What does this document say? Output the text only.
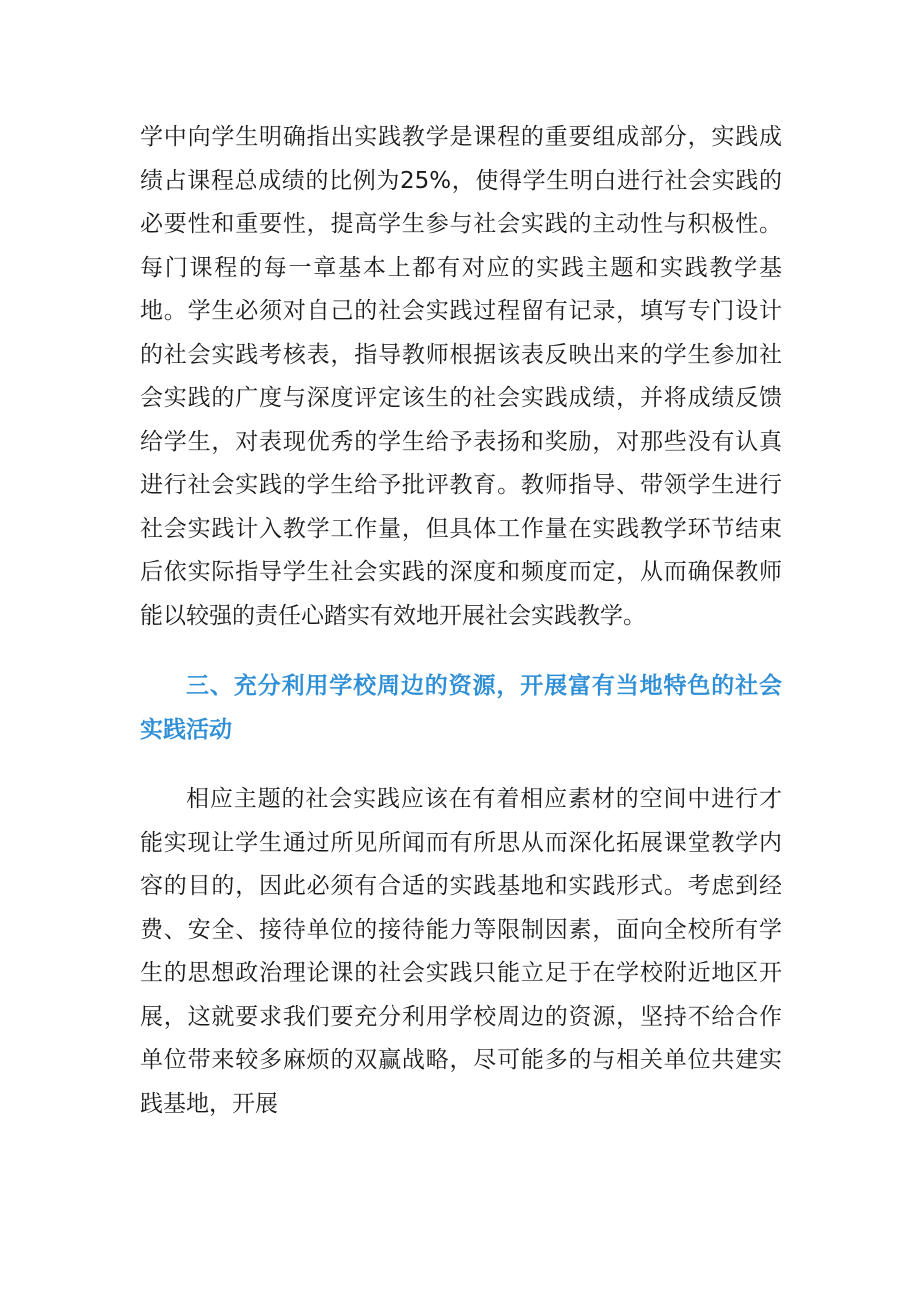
学中向学生明确指出实践教学是课程的重要组成部分，实践成绩占课程总成绩的比例为25%，使得学生明白进行社会实践的必要性和重要性，提高学生参与社会实践的主动性与积极性。每门课程的每一章基本上都有对应的实践主题和实践教学基地。学生必须对自己的社会实践过程留有记录，填写专门设计的社会实践考核表，指导教师根据该表反映出来的学生参加社会实践的广度与深度评定该生的社会实践成绩，并将成绩反馈给学生，对表现优秀的学生给予表扬和奖励，对那些没有认真进行社会实践的学生给予批评教育。教师指导、带领学生进行社会实践计入教学工作量，但具体工作量在实践教学环节结束后依实际指导学生社会实践的深度和频度而定，从而确保教师能以较强的责任心踏实有效地开展社会实践教学。

三、充分利用学校周边的资源，开展富有当地特色的社会实践活动

相应主题的社会实践应该在有着相应素材的空间中进行才能实现让学生通过所见所闻而有所思从而深化拓展课堂教学内容的目的，因此必须有合适的实践基地和实践形式。考虑到经费、安全、接待单位的接待能力等限制因素，面向全校所有学生的思想政治理论课的社会实践只能立足于在学校附近地区开展，这就要求我们要充分利用学校周边的资源，坚持不给合作单位带来较多麻烦的双赢战略，尽可能多的与相关单位共建实践基地，开展
